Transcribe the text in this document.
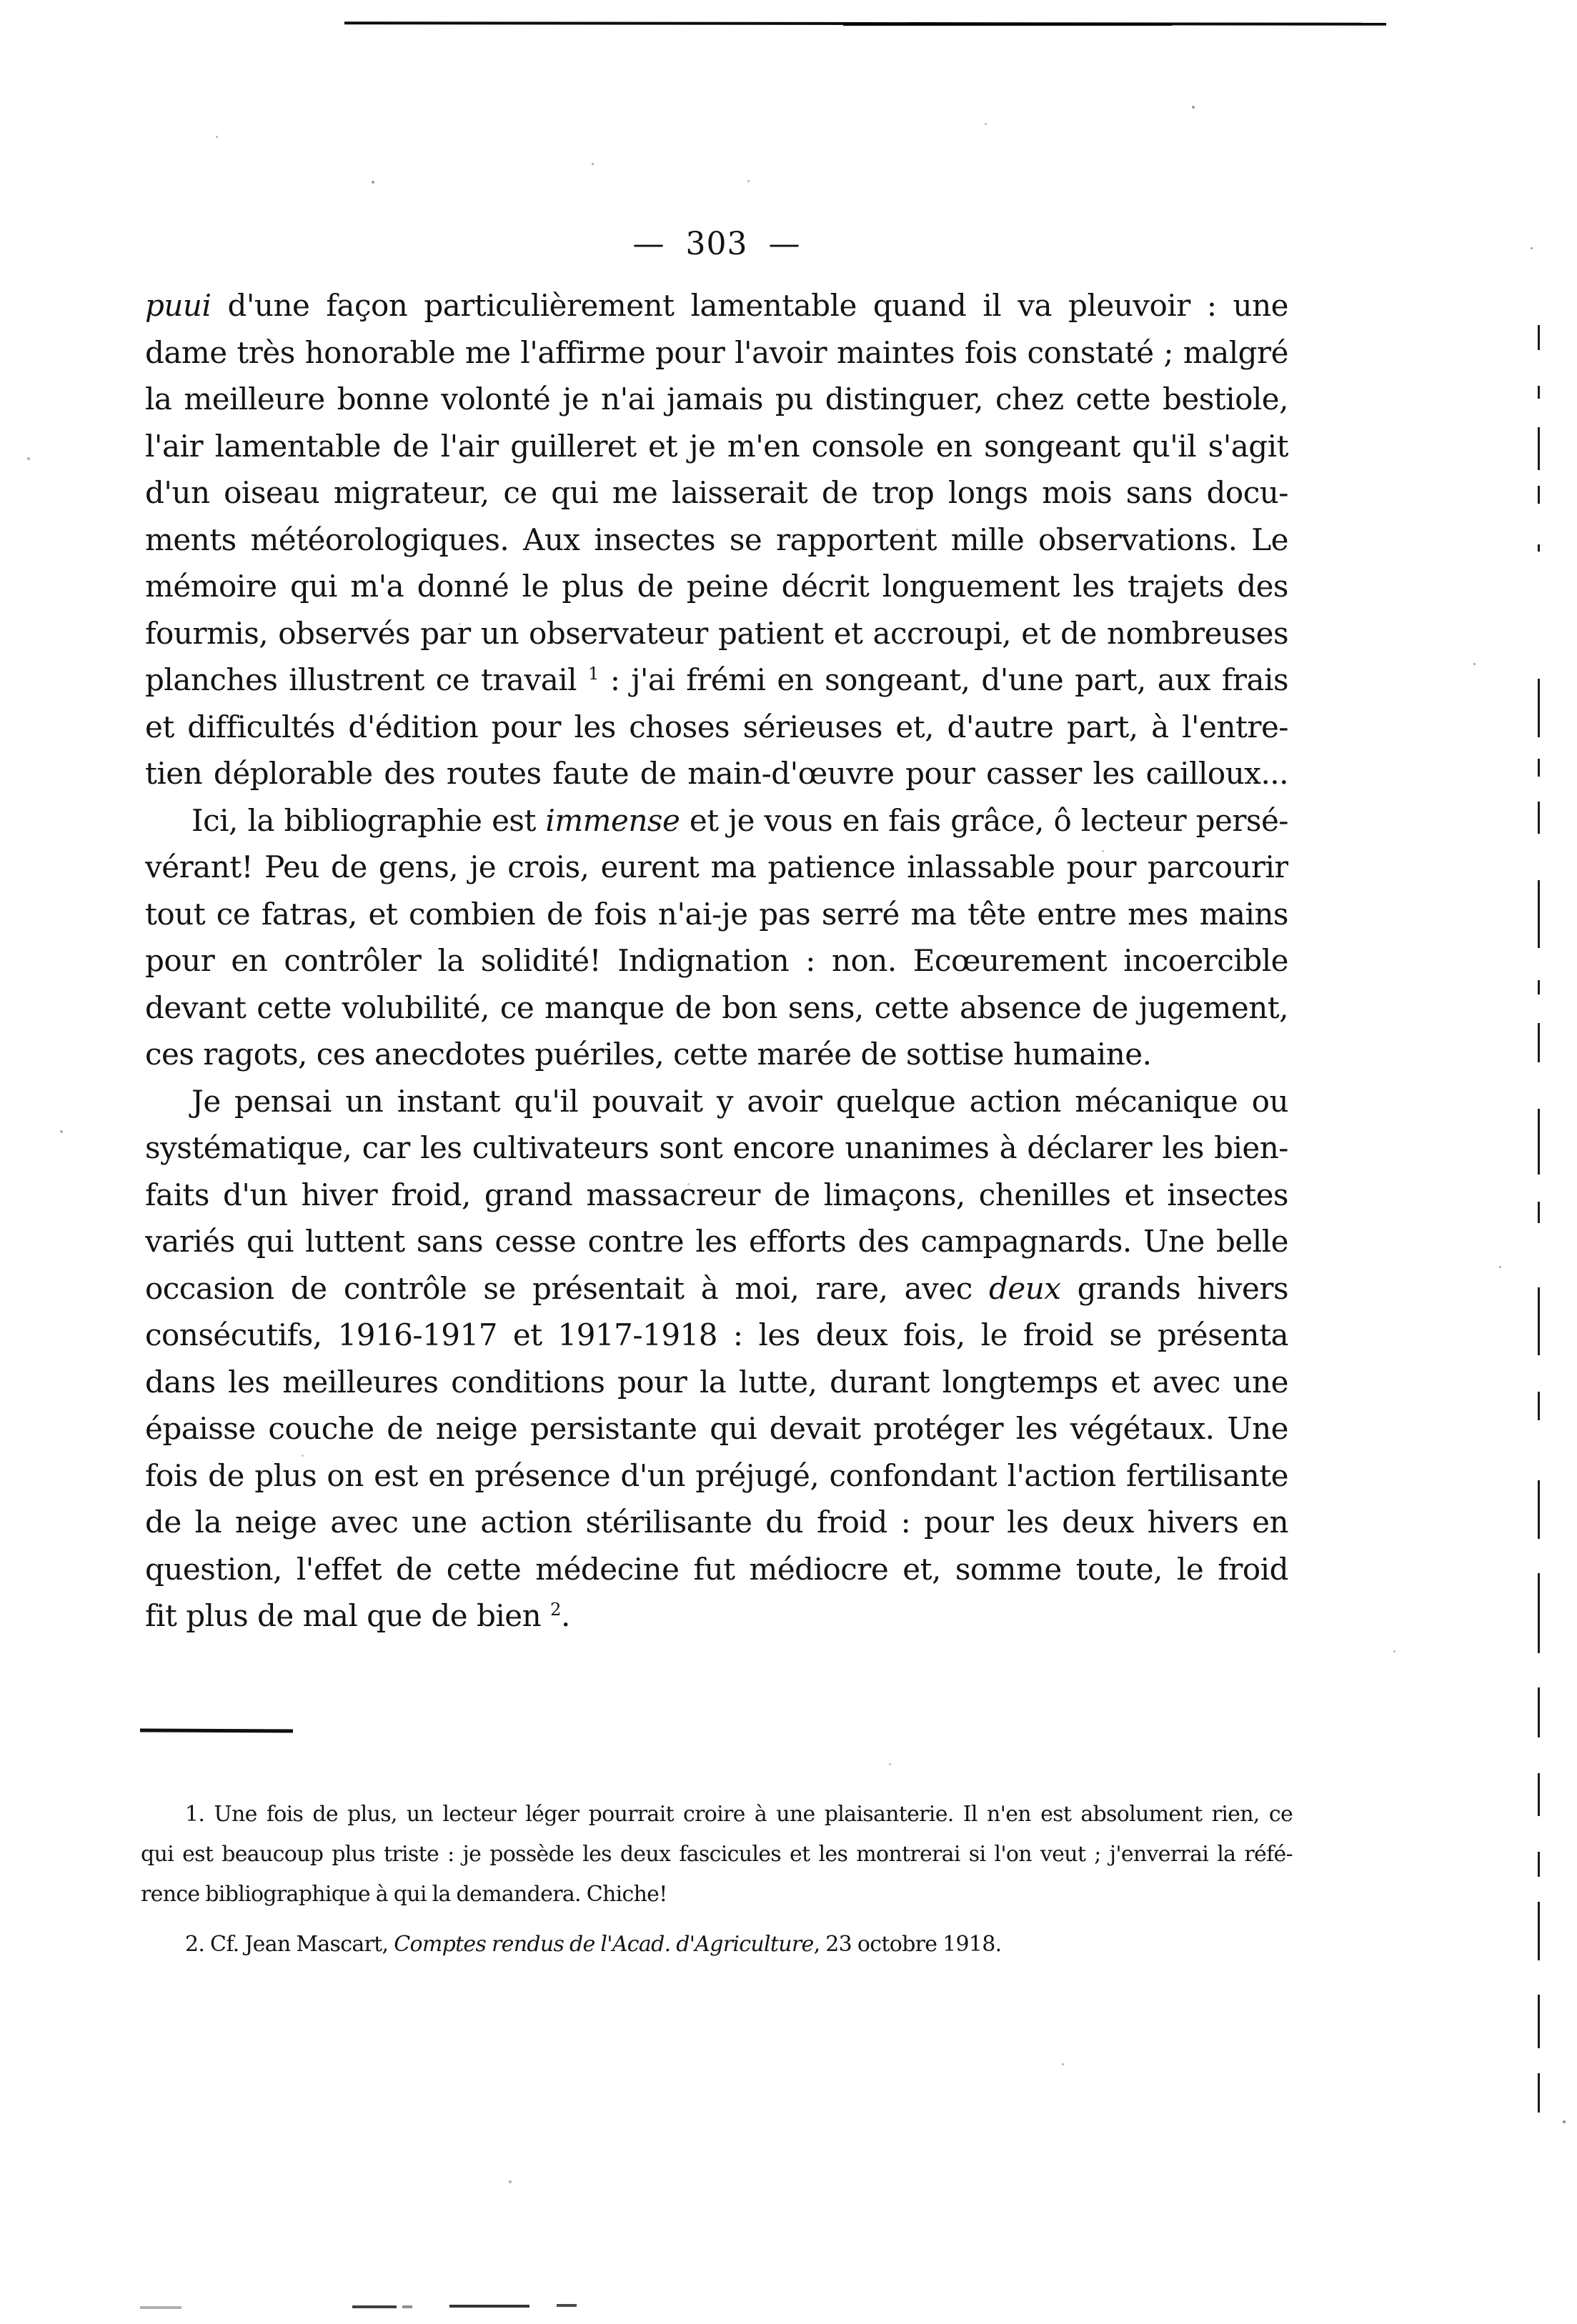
— 303 —
puui d'une façon particulièrement lamentable quand il va pleuvoir : une
dame très honorable me l'affirme pour l'avoir maintes fois constaté ; malgré
la meilleure bonne volonté je n'ai jamais pu distinguer, chez cette bestiole,
l'air lamentable de l'air guilleret et je m'en console en songeant qu'il s'agit
d'un oiseau migrateur, ce qui me laisserait de trop longs mois sans docu-
ments météorologiques. Aux insectes se rapportent mille observations. Le
mémoire qui m'a donné le plus de peine décrit longuement les trajets des
fourmis, observés par un observateur patient et accroupi, et de nombreuses
planches illustrent ce travail $^1$ : j'ai frémi en songeant, d'une part, aux frais
et difficultés d'édition pour les choses sérieuses et, d'autre part, à l'entre-
tien déplorable des routes faute de main-d'œuvre pour casser les cailloux...
Ici, la bibliographie est immense et je vous en fais grâce, ô lecteur persé-
vérant! Peu de gens, je crois, eurent ma patience inlassable pour parcourir
tout ce fatras, et combien de fois n'ai-je pas serré ma tête entre mes mains
pour en contrôler la solidité! Indignation : non. Ecœurement incoercible
devant cette volubilité, ce manque de bon sens, cette absence de jugement,
ces ragots, ces anecdotes puériles, cette marée de sottise humaine.
Je pensai un instant qu'il pouvait y avoir quelque action mécanique ou
systématique, car les cultivateurs sont encore unanimes à déclarer les bien-
faits d'un hiver froid, grand massacreur de limaçons, chenilles et insectes
variés qui luttent sans cesse contre les efforts des campagnards. Une belle
occasion de contrôle se présentait à moi, rare, avec deux grands hivers
consécutifs, 1916-1917 et 1917-1918 : les deux fois, le froid se présenta
dans les meilleures conditions pour la lutte, durant longtemps et avec une
épaisse couche de neige persistante qui devait protéger les végétaux. Une
fois de plus on est en présence d'un préjugé, confondant l'action fertilisante
de la neige avec une action stérilisante du froid : pour les deux hivers en
question, l'effet de cette médecine fut médiocre et, somme toute, le froid
fit plus de mal que de bien $^2$.
1. Une fois de plus, un lecteur léger pourrait croire à une plaisanterie. Il n'en est absolument rien, ce
qui est beaucoup plus triste : je possède les deux fascicules et les montrerai si l'on veut ; j'enverrai la réfé-
rence bibliographique à qui la demandera. Chiche!
2. Cf. Jean Mascart, Comptes rendus de l'Acad. d'Agriculture, 23 octobre 1918.
